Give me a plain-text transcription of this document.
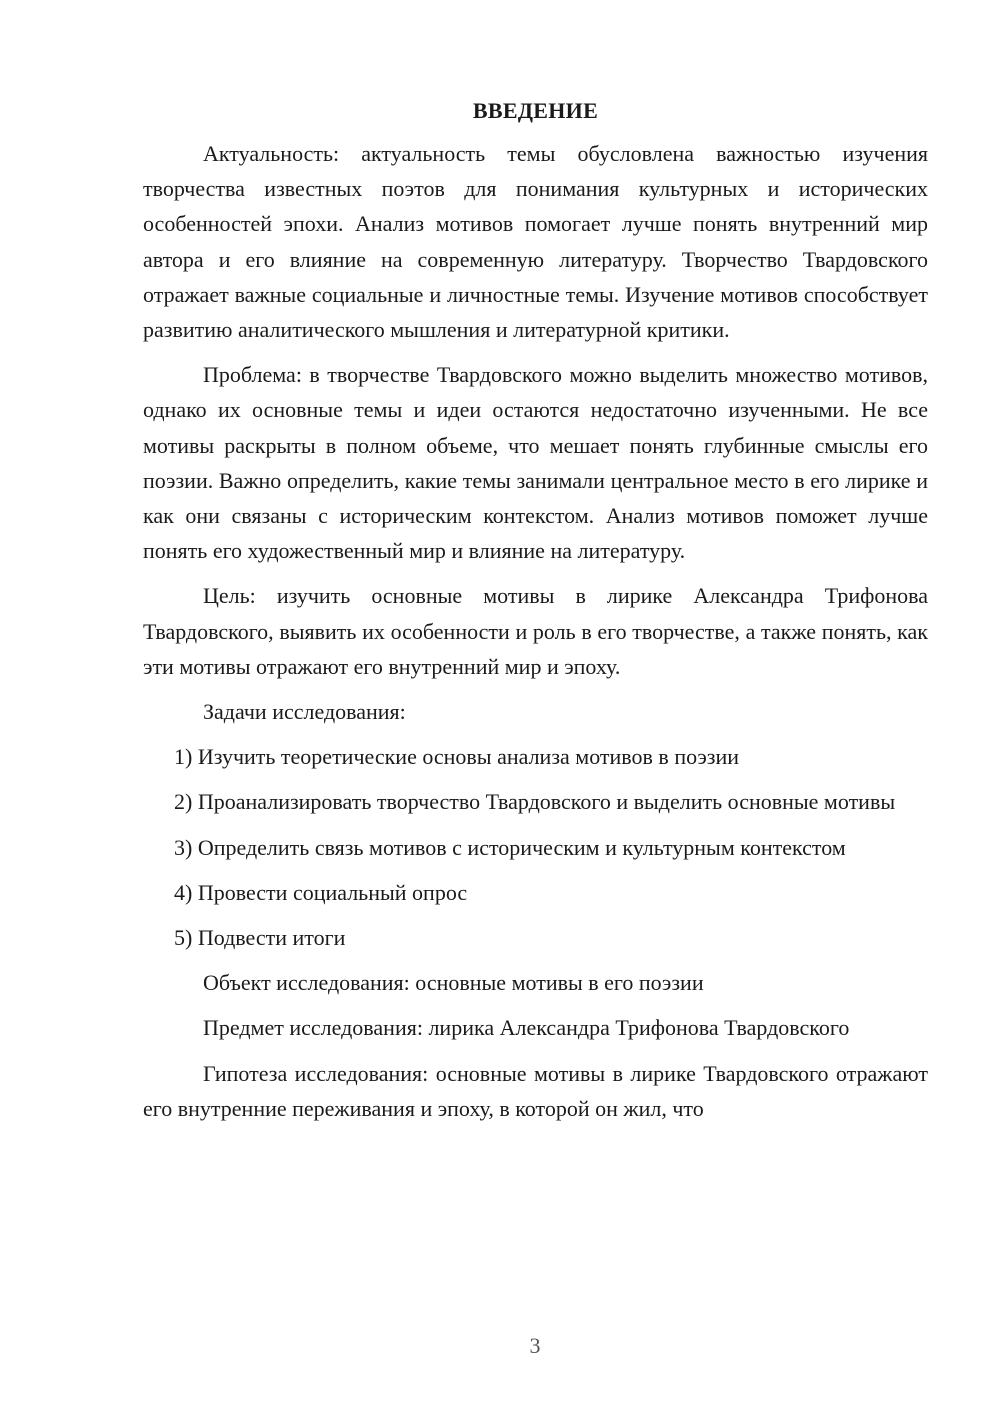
ВВЕДЕНИЕ

Актуальность: актуальность темы обусловлена важностью изучения творчества известных поэтов для понимания культурных и исторических особенностей эпохи. Анализ мотивов помогает лучше понять внутренний мир автора и его влияние на современную литературу. Творчество Твардовского отражает важные социальные и личностные темы. Изучение мотивов способствует развитию аналитического мышления и литературной критики.

Проблема: в творчестве Твардовского можно выделить множество мотивов, однако их основные темы и идеи остаются недостаточно изученными. Не все мотивы раскрыты в полном объеме, что мешает понять глубинные смыслы его поэзии. Важно определить, какие темы занимали центральное место в его лирике и как они связаны с историческим контекстом. Анализ мотивов поможет лучше понять его художественный мир и влияние на литературу.

Цель: изучить основные мотивы в лирике Александра Трифонова Твардовского, выявить их особенности и роль в его творчестве, а также понять, как эти мотивы отражают его внутренний мир и эпоху.

Задачи исследования:

1) Изучить теоретические основы анализа мотивов в поэзии

2) Проанализировать творчество Твардовского и выделить основные мотивы

3) Определить связь мотивов с историческим и культурным контекстом

4) Провести социальный опрос

5) Подвести итоги

Объект исследования: основные мотивы в его поэзии

Предмет исследования: лирика Александра Трифонова Твардовского

Гипотеза исследования: основные мотивы в лирике Твардовского отражают его внутренние переживания и эпоху, в которой он жил, что

3
